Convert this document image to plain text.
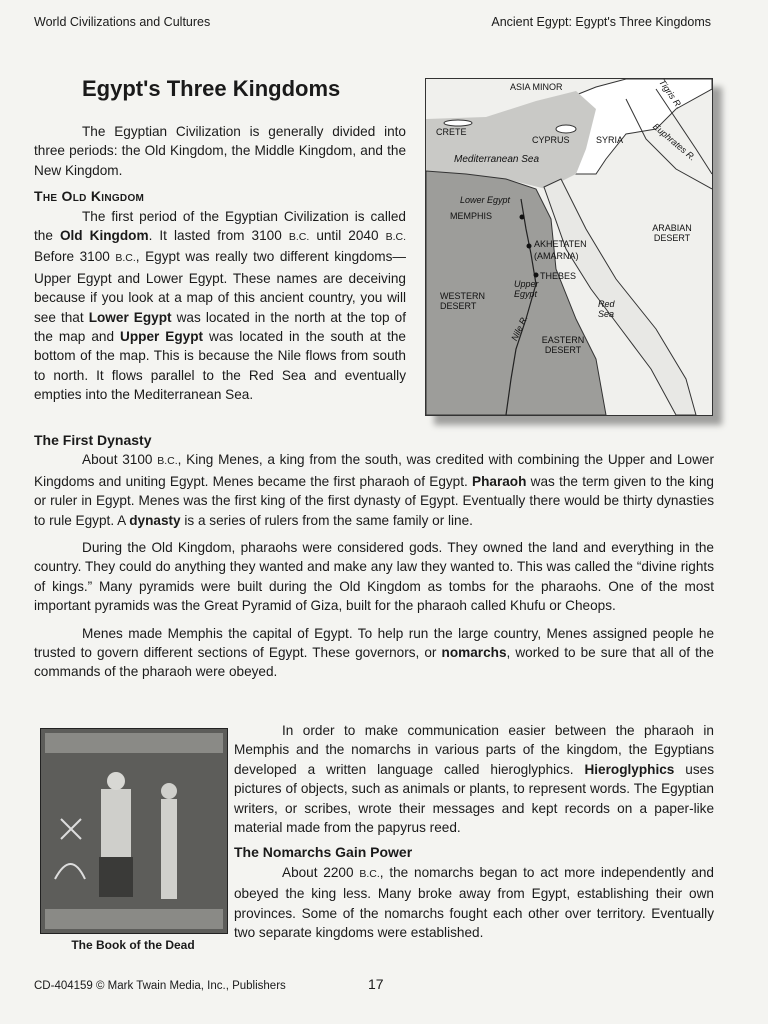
World Civilizations and Cultures	Ancient Egypt: Egypt's Three Kingdoms
Egypt's Three Kingdoms

The Egyptian Civilization is generally divided into three periods: the Old Kingdom, the Middle Kingdom, and the New Kingdom.

The Old Kingdom

The first period of the Egyptian Civilization is called the Old Kingdom. It lasted from 3100 B.C. until 2040 B.C. Before 3100 B.C., Egypt was really two different kingdoms—Upper Egypt and Lower Egypt. These names are deceiving because if you look at a map of this ancient country, you will see that Lower Egypt was located in the north at the top of the map and Upper Egypt was located in the south at the bottom of the map. This is because the Nile flows from south to north. It flows parallel to the Red Sea and eventually empties into the Mediterranean Sea.

ASIA MINOR
CRETE
CYPRUS	SYRIA
Tigris R.
Euphrates R.
Mediterranean Sea
Lower Egypt
MEMPHIS
AKHETATEN
(AMARNA)
ARABIAN DESERT
THEBES
Upper Egypt
WESTERN DESERT	Red Sea
Nile R.	EASTERN DESERT
The First Dynasty

About 3100 B.C., King Menes, a king from the south, was credited with combining the Upper and Lower Kingdoms and uniting Egypt. Menes became the first pharaoh of Egypt. Pharaoh was the term given to the king or ruler in Egypt. Menes was the first king of the first dynasty of Egypt. Eventually there would be thirty dynasties to rule Egypt. A dynasty is a series of rulers from the same family or line.

During the Old Kingdom, pharaohs were considered gods. They owned the land and everything in the country. They could do anything they wanted and make any law they wanted to. This was called the “divine rights of kings.” Many pyramids were built during the Old Kingdom as tombs for the pharaohs. One of the most important pyramids was the Great Pyramid of Giza, built for the pharaoh called Khufu or Cheops.

Menes made Memphis the capital of Egypt. To help run the large country, Menes assigned people he trusted to govern different sections of Egypt. These governors, or nomarchs, worked to be sure that all of the commands of the pharaoh were obeyed.

The Book of the Dead

In order to make communication easier between the pharaoh in Memphis and the nomarchs in various parts of the kingdom, the Egyptians developed a written language called hieroglyphics. Hieroglyphics uses pictures of objects, such as animals or plants, to represent words. The Egyptian writers, or scribes, wrote their messages and kept records on a paper-like material made from the papyrus reed.

The Nomarchs Gain Power

About 2200 B.C., the nomarchs began to act more independently and obeyed the king less. Many broke away from Egypt, establishing their own provinces. Some of the nomarchs fought each other over territory. Eventually two separate kingdoms were established.

CD-404159 © Mark Twain Media, Inc., Publishers	17
